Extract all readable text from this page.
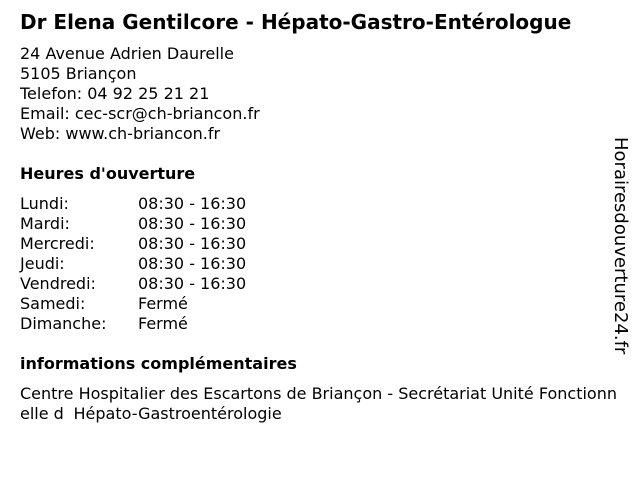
Dr Elena Gentilcore - Hépato-Gastro-Entérologue
24 Avenue Adrien Daurelle
5105 Briançon
Telefon: 04 92 25 21 21
Email: cec-scr@ch-briancon.fr
Web: www.ch-briancon.fr
Heures d'ouverture
Lundi:	08:30 - 16:30
Mardi:	08:30 - 16:30
Mercredi:	08:30 - 16:30
Jeudi:	08:30 - 16:30
Vendredi:	08:30 - 16:30
Samedi:	Fermé
Dimanche:	Fermé
informations complémentaires
Centre Hospitalier des Escartons de Briançon - Secrétariat Unité Fonctionnelle dHépato-Gastroentérologie
Horairesdouverture24.fr
